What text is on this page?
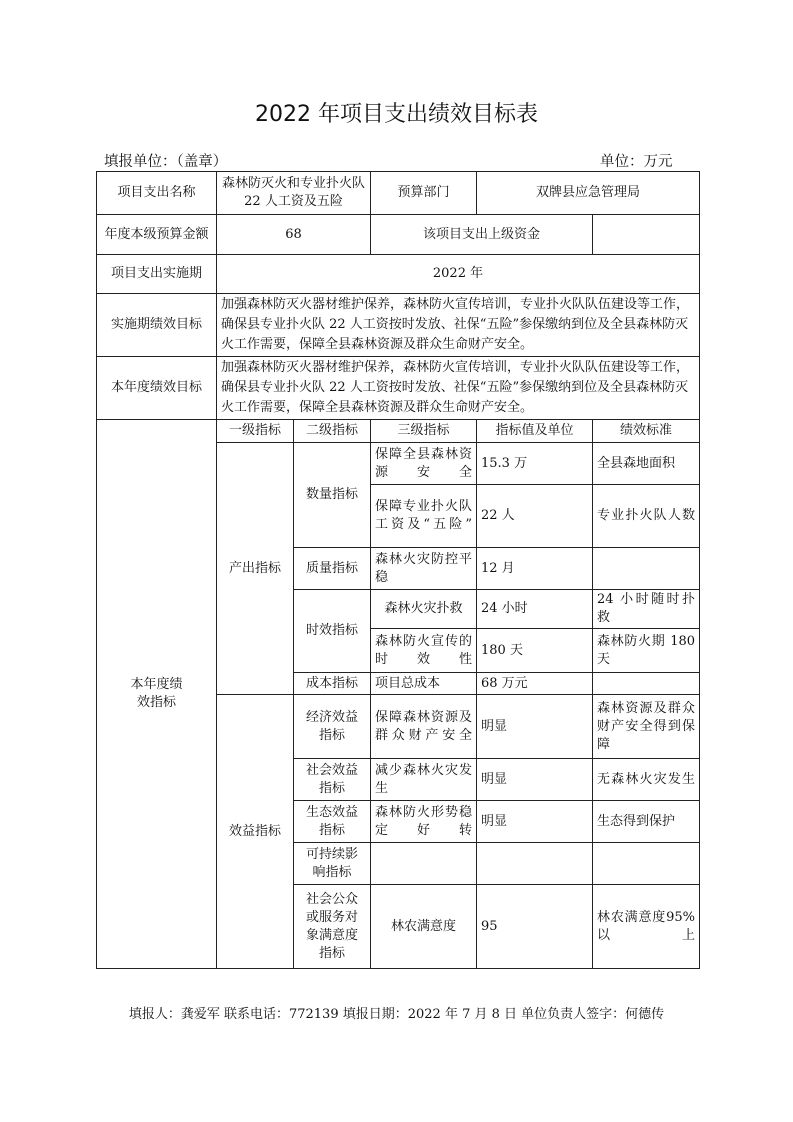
2022 年项目支出绩效目标表
填报单位：（盖章）	单位：万元
项目支出名称	森林防灭火和专业扑火队 22 人工资及五险		预算部门	双牌县应急管理局	
年度本级预算金额	68		该项目支出上级资金		
项目支出实施期	2022 年				
实施期绩效目标	加强森林防灭火器材维护保养，森林防火宣传培训，专业扑火队队伍建设等工作，确保县专业扑火队 22 人工资按时发放、社保“五险”参保缴纳到位及全县森林防灭火工作需要，保障全县森林资源及群众生命财产安全。				
本年度绩效目标	加强森林防灭火器材维护保养，森林防火宣传培训，专业扑火队队伍建设等工作，确保县专业扑火队 22 人工资按时发放、社保“五险”参保缴纳到位及全县森林防灭火工作需要，保障全县森林资源及群众生命财产安全。				
本年度绩效指标	一级指标	二级指标	三级指标	指标值及单位	绩效标准
	产出指标	数量指标	保障全县森林资源安全	15.3 万	全县森地面积
			保障专业扑火队工资及“五险”	22 人	专业扑火队人数
		质量指标	森林火灾防控平稳	12 月	
		时效指标	森林火灾扑救	24 小时	24 小时随时扑救
			森林防火宣传的时效性	180 天	森林防火期 180 天
		成本指标	项目总成本	68 万元	
	效益指标	经济效益指标	保障森林资源及群众财产安全	明显	森林资源及群众财产安全得到保障
		社会效益指标	减少森林火灾发生	明显	无森林火灾发生
		生态效益指标	森林防火形势稳定好转	明显	生态得到保护
		可持续影响指标			
		社会公众或服务对象满意度指标	林农满意度	95	林农满意度95%以上
填报人：龚爱军 联系电话：772139 填报日期：2022 年 7 月 8 日 单位负责人签字：何德传
